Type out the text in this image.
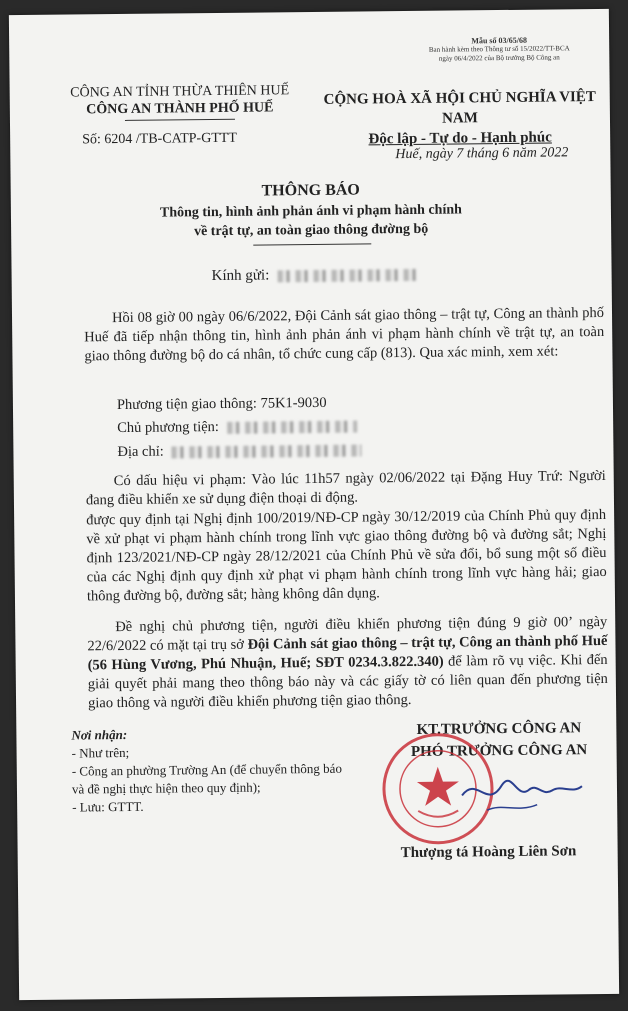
Mẫu số 03/65/68
Ban hành kèm theo Thông tư số 15/2022/TT-BCA
ngày 06/4/2022 của Bộ trưởng Bộ Công an
CÔNG AN TỈNH THỪA THIÊN HUẾ
CÔNG AN THÀNH PHỐ HUẾ
CỘNG HOÀ XÃ HỘI CHỦ NGHĨA VIỆT NAM
Độc lập - Tự do - Hạnh phúc
Số: 6204 /TB-CATP-GTTT
Huế, ngày 7 tháng 6 năm 2022
THÔNG BÁO
Thông tin, hình ảnh phản ánh vi phạm hành chính
về trật tự, an toàn giao thông đường bộ
Kính gửi:
Hồi 08 giờ 00 ngày 06/6/2022, Đội Cảnh sát giao thông – trật tự, Công an thành phố Huế đã tiếp nhận thông tin, hình ảnh phản ánh vi phạm hành chính về trật tự, an toàn giao thông đường bộ do cá nhân, tổ chức cung cấp (813). Qua xác minh, xem xét:
Phương tiện giao thông: 75K1-9030
Chủ phương tiện:
Địa chỉ:
Có dấu hiệu vi phạm: Vào lúc 11h57 ngày 02/06/2022 tại Đặng Huy Trứ: Người đang điều khiển xe sử dụng điện thoại di động.
được quy định tại Nghị định 100/2019/NĐ-CP ngày 30/12/2019 của Chính Phủ quy định về xử phạt vi phạm hành chính trong lĩnh vực giao thông đường bộ và đường sắt; Nghị định 123/2021/NĐ-CP ngày 28/12/2021 của Chính Phủ về sửa đổi, bổ sung một số điều của các Nghị định quy định xử phạt vi phạm hành chính trong lĩnh vực hàng hải; giao thông đường bộ, đường sắt; hàng không dân dụng.
Đề nghị chủ phương tiện, người điều khiển phương tiện đúng 9 giờ 00’ ngày 22/6/2022 có mặt tại trụ sở Đội Cảnh sát giao thông – trật tự, Công an thành phố Huế (56 Hùng Vương, Phú Nhuận, Huế; SĐT 0234.3.822.340) để làm rõ vụ việc. Khi đến giải quyết phải mang theo thông báo này và các giấy tờ có liên quan đến phương tiện giao thông và người điều khiển phương tiện giao thông.
Nơi nhận:
- Như trên;
- Công an phường Trường An (để chuyển thông báo và đề nghị thực hiện theo quy định);
- Lưu: GTTT.
KT.TRƯỞNG CÔNG AN
PHÓ TRƯỞNG CÔNG AN
Thượng tá Hoàng Liên Sơn
